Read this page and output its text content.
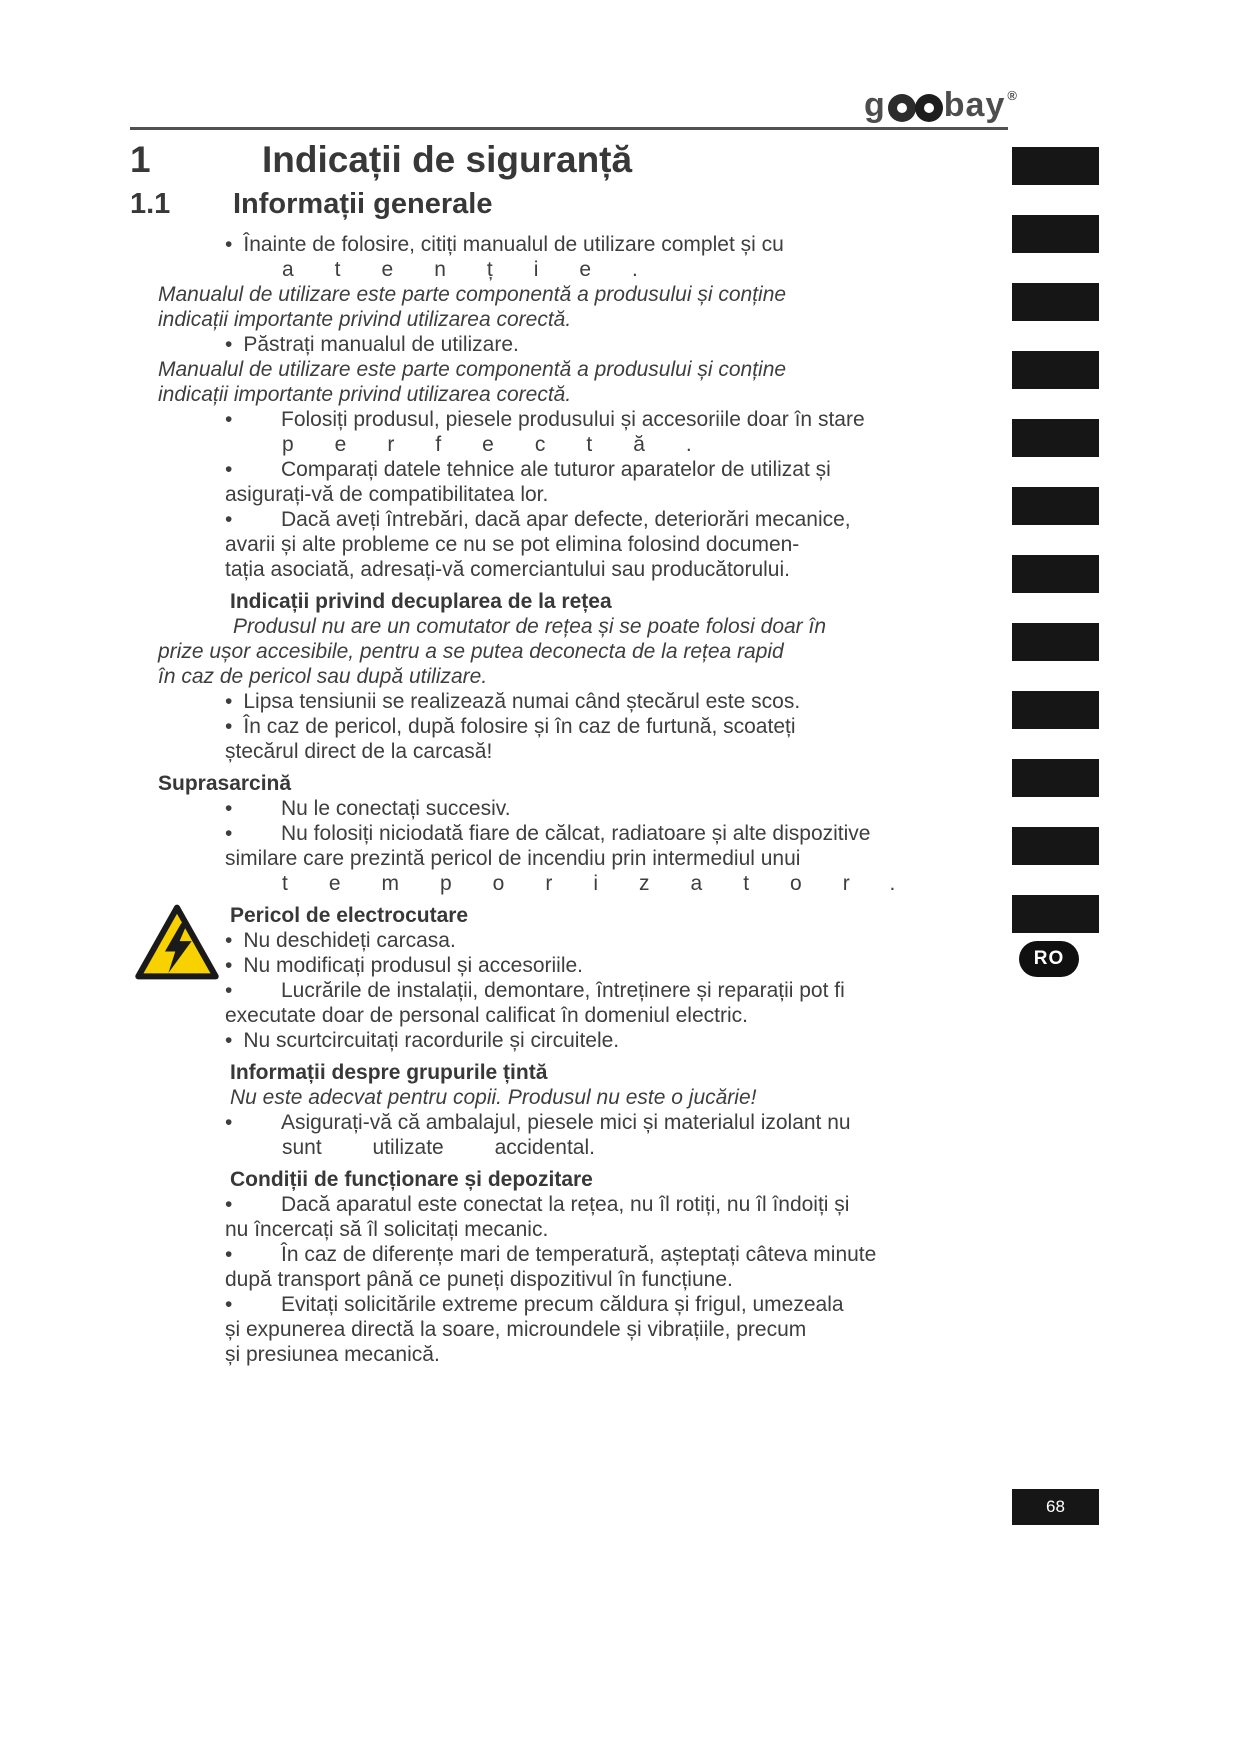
g bay ®
1	Indicații de siguranță
1.1	Informații generale

• Înainte de folosire, citiți manualul de utilizare complet și cu

atenție.

Manualul de utilizare este parte componentă a produsului și conține

indicații importante privind utilizarea corectă.

• Păstrați manualul de utilizare.

Manualul de utilizare este parte componentă a produsului și conține

indicații importante privind utilizarea corectă.

• Folosiți produsul, piesele produsului și accesoriile doar în stare

perfectă.

• Comparați datele tehnice ale tuturor aparatelor de utilizat și

asigurați-vă de compatibilitatea lor.

• Dacă aveți întrebări, dacă apar defecte, deteriorări mecanice,

avarii și alte probleme ce nu se pot elimina folosind documen-

tația asociată, adresați-vă comerciantului sau producătorului.

Indicații privind decuplarea de la rețea

Produsul nu are un comutator de rețea și se poate folosi doar în

prize ușor accesibile, pentru a se putea deconecta de la rețea rapid

în caz de pericol sau după utilizare.

• Lipsa tensiunii se realizează numai când ștecărul este scos.

• În caz de pericol, după folosire și în caz de furtună, scoateți

ștecărul direct de la carcasă!

Suprasarcină

• Nu le conectați succesiv.

• Nu folosiți niciodată fiare de călcat, radiatoare și alte dispozitive

similare care prezintă pericol de incendiu prin intermediul unui

temporizator.

Pericol de electrocutare

• Nu deschideți carcasa.

• Nu modificați produsul și accesoriile.

• Lucrările de instalații, demontare, întreținere și reparații pot fi

executate doar de personal calificat în domeniul electric.

• Nu scurtcircuitați racordurile și circuitele.

Informații despre grupurile țintă

Nu este adecvat pentru copii. Produsul nu este o jucărie!

• Asigurați-vă că ambalajul, piesele mici și materialul izolant nu

sunt utilizate accidental.

Condiții de funcționare și depozitare

• Dacă aparatul este conectat la rețea, nu îl rotiți, nu îl îndoiți și

nu încercați să îl solicitați mecanic.

• În caz de diferențe mari de temperatură, așteptați câteva minute

după transport până ce puneți dispozitivul în funcțiune.

• Evitați solicitările extreme precum căldura și frigul, umezeala

și expunerea directă la soare, microundele și vibrațiile, precum

și presiunea mecanică.

RO
68
